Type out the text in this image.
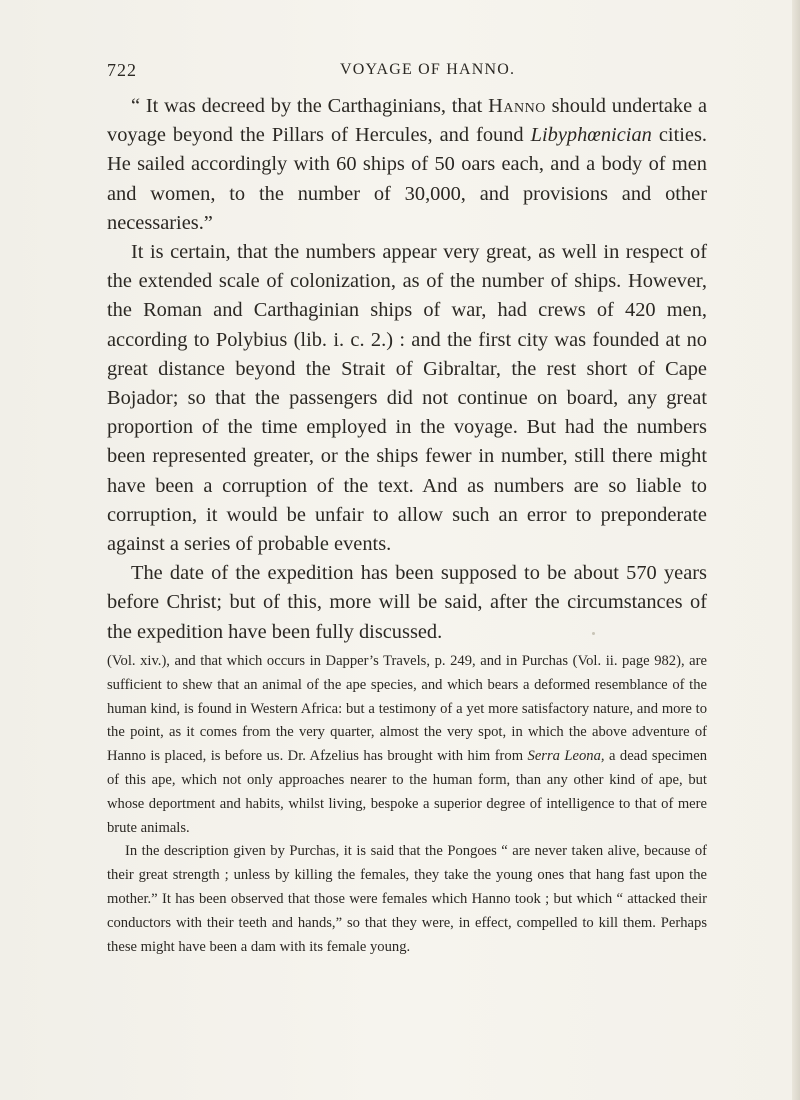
722	VOYAGE OF HANNO.

“ It was decreed by the Carthaginians, that Hanno should undertake a voyage beyond the Pillars of Hercules, and found Libyphœnician cities. He sailed accordingly with 60 ships of 50 oars each, and a body of men and women, to the number of 30,000, and provisions and other necessaries.”

It is certain, that the numbers appear very great, as well in respect of the extended scale of colonization, as of the number of ships. However, the Roman and Carthaginian ships of war, had crews of 420 men, according to Polybius (lib. i. c. 2.) : and the first city was founded at no great distance beyond the Strait of Gibraltar, the rest short of Cape Bojador; so that the passengers did not continue on board, any great proportion of the time employed in the voyage. But had the numbers been represented greater, or the ships fewer in number, still there might have been a corruption of the text. And as numbers are so liable to corruption, it would be unfair to allow such an error to preponderate against a series of probable events.

The date of the expedition has been supposed to be about 570 years before Christ; but of this, more will be said, after the circumstances of the expedition have been fully discussed.

(Vol. xiv.), and that which occurs in Dapper’s Travels, p. 249, and in Purchas (Vol. ii. page 982), are sufficient to shew that an animal of the ape species, and which bears a deformed resemblance of the human kind, is found in Western Africa: but a testimony of a yet more satisfactory nature, and more to the point, as it comes from the very quarter, almost the very spot, in which the above adventure of Hanno is placed, is before us. Dr. Afzelius has brought with him from Serra Leona, a dead specimen of this ape, which not only approaches nearer to the human form, than any other kind of ape, but whose deportment and habits, whilst living, bespoke a superior degree of intelligence to that of mere brute animals.

In the description given by Purchas, it is said that the Pongoes “ are never taken alive, because of their great strength ; unless by killing the females, they take the young ones that hang fast upon the mother.” It has been observed that those were females which Hanno took ; but which “ attacked their conductors with their teeth and hands,” so that they were, in effect, compelled to kill them. Perhaps these might have been a dam with its female young.
